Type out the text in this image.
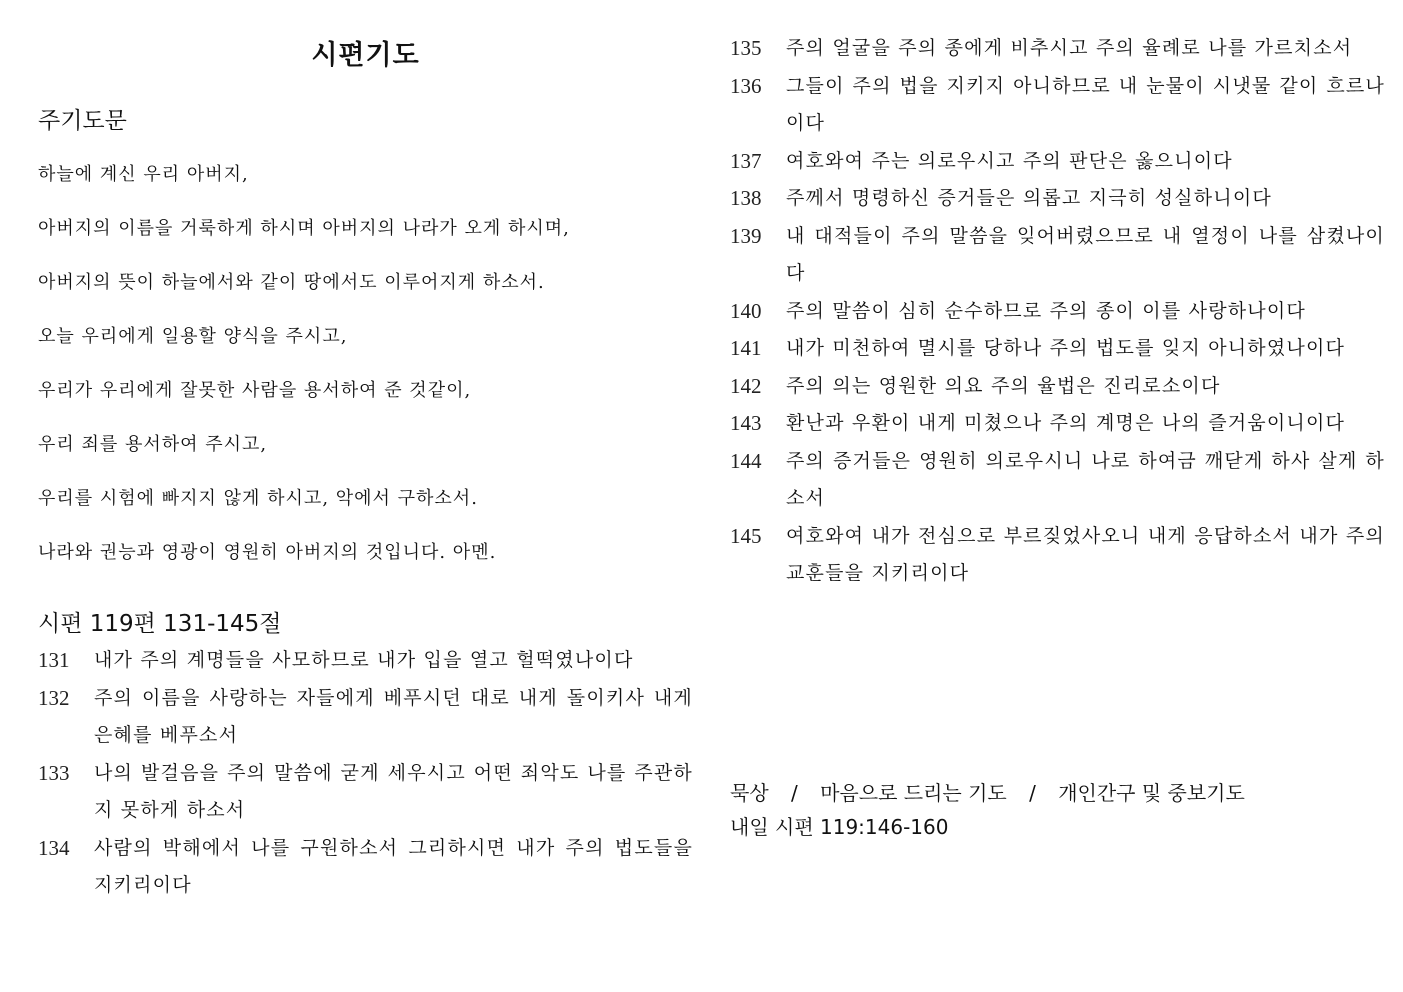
시편기도
주기도문
하늘에 계신 우리 아버지,
아버지의 이름을 거룩하게 하시며 아버지의 나라가 오게 하시며,
아버지의 뜻이 하늘에서와 같이 땅에서도 이루어지게 하소서.
오늘 우리에게 일용할 양식을 주시고,
우리가 우리에게 잘못한 사람을 용서하여 준 것같이,
우리 죄를 용서하여 주시고,
우리를 시험에 빠지지 않게 하시고, 악에서 구하소서.
나라와 권능과 영광이 영원히 아버지의 것입니다. 아멘.
시편 119편 131-145절
131	내가 주의 계명들을 사모하므로 내가 입을 열고 헐떡였나이다
132	주의 이름을 사랑하는 자들에게 베푸시던 대로 내게 돌이키사 내게 은혜를 베푸소서
133	나의 발걸음을 주의 말씀에 굳게 세우시고 어떤 죄악도 나를 주관하지 못하게 하소서
134	사람의 박해에서 나를 구원하소서 그리하시면 내가 주의 법도들을 지키리이다
135	주의 얼굴을 주의 종에게 비추시고 주의 율례로 나를 가르치소서
136	그들이 주의 법을 지키지 아니하므로 내 눈물이 시냇물 같이 흐르나이다
137	여호와여 주는 의로우시고 주의 판단은 옳으니이다
138	주께서 명령하신 증거들은 의롭고 지극히 성실하니이다
139	내 대적들이 주의 말씀을 잊어버렸으므로 내 열정이 나를 삼켰나이다
140	주의 말씀이 심히 순수하므로 주의 종이 이를 사랑하나이다
141	내가 미천하여 멸시를 당하나 주의 법도를 잊지 아니하였나이다
142	주의 의는 영원한 의요 주의 율법은 진리로소이다
143	환난과 우환이 내게 미쳤으나 주의 계명은 나의 즐거움이니이다
144	주의 증거들은 영원히 의로우시니 나로 하여금 깨닫게 하사 살게 하소서
145	여호와여 내가 전심으로 부르짖었사오니 내게 응답하소서 내가 주의 교훈들을 지키리이다
묵상 / 마음으로 드리는 기도 / 개인간구 및 중보기도
내일 시편 119:146-160
